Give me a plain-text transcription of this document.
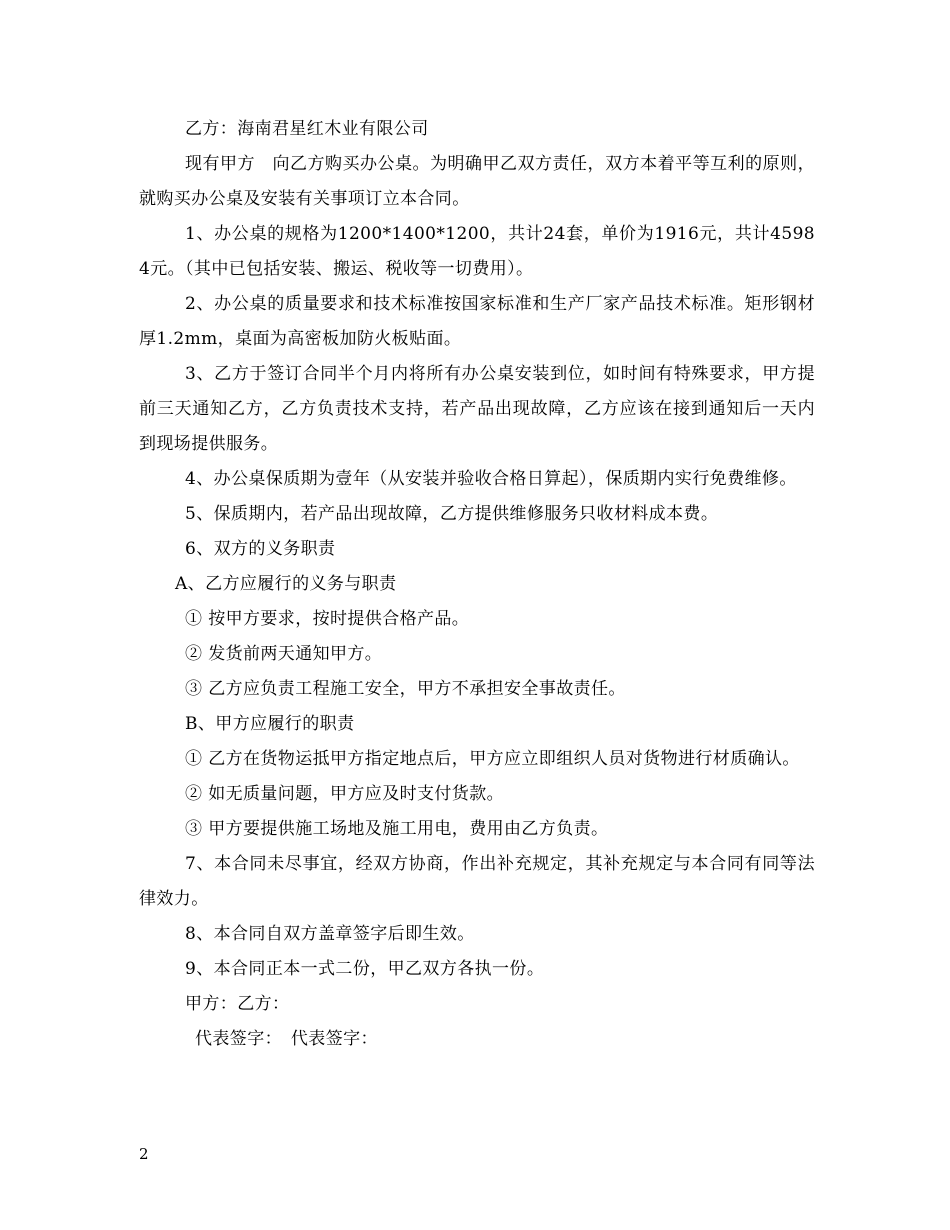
乙方：海南君星红木业有限公司

现有甲方　向乙方购买办公桌。为明确甲乙双方责任，双方本着平等互利的原则，就购买办公桌及安装有关事项订立本合同。

1、办公桌的规格为1200*1400*1200，共计24套，单价为1916元，共计45984元。（其中已包括安装、搬运、税收等一切费用）。

2、办公桌的质量要求和技术标准按国家标准和生产厂家产品技术标准。矩形钢材厚1.2mm，桌面为高密板加防火板贴面。

3、乙方于签订合同半个月内将所有办公桌安装到位，如时间有特殊要求，甲方提前三天通知乙方，乙方负责技术支持，若产品出现故障，乙方应该在接到通知后一天内到现场提供服务。

4、办公桌保质期为壹年（从安装并验收合格日算起），保质期内实行免费维修。

5、保质期内，若产品出现故障，乙方提供维修服务只收材料成本费。

6、双方的义务职责

A、乙方应履行的义务与职责

① 按甲方要求，按时提供合格产品。

② 发货前两天通知甲方。

③ 乙方应负责工程施工安全，甲方不承担安全事故责任。

B、甲方应履行的职责

① 乙方在货物运抵甲方指定地点后，甲方应立即组织人员对货物进行材质确认。

② 如无质量问题，甲方应及时支付货款。

③ 甲方要提供施工场地及施工用电，费用由乙方负责。

7、本合同未尽事宜，经双方协商，作出补充规定，其补充规定与本合同有同等法律效力。

8、本合同自双方盖章签字后即生效。

9、本合同正本一式二份，甲乙双方各执一份。

甲方：乙方：

代表签字：　代表签字：

2
